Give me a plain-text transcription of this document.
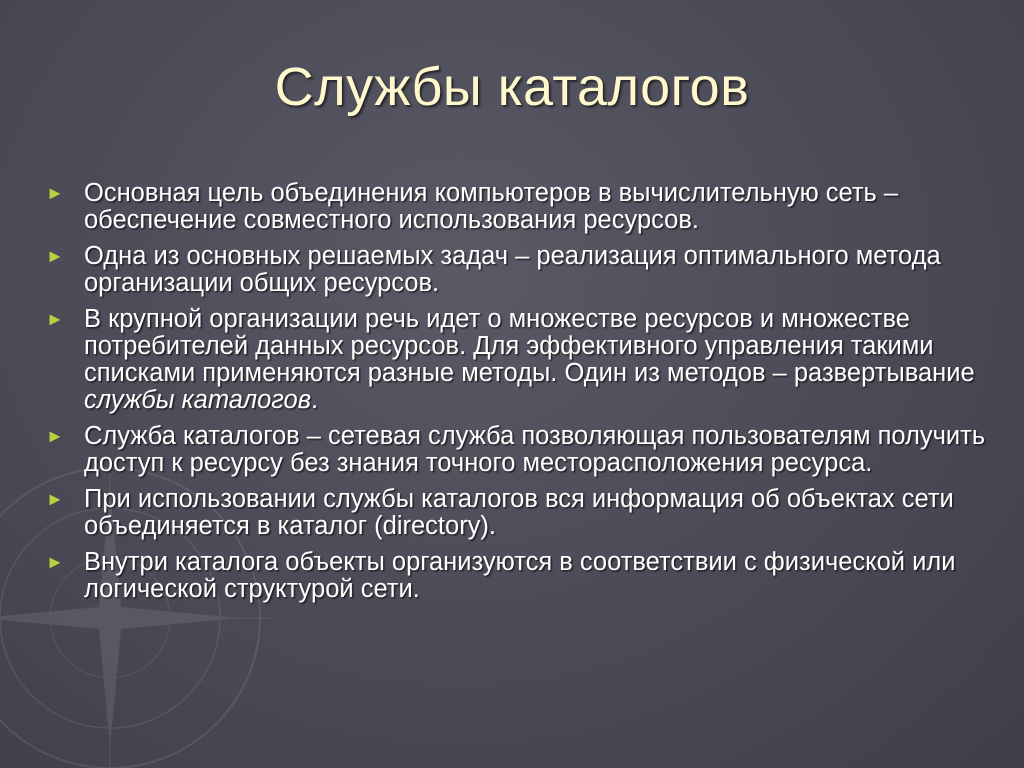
Службы каталогов
► Основная цель объединения компьютеров в вычислительную сеть – обеспечение совместного использования ресурсов.
► Одна из основных решаемых задач – реализация оптимального метода организации общих ресурсов.
► В крупной организации речь идет о множестве ресурсов и множестве потребителей данных ресурсов. Для эффективного управления такими списками применяются разные методы. Один из методов – развертывание службы каталогов.
► Служба каталогов – сетевая служба позволяющая пользователям получить доступ к ресурсу без знания точного месторасположения ресурса.
► При использовании службы каталогов вся информация об объектах сети объединяется в каталог (directory).
► Внутри каталога объекты организуются в соответствии с физической или логической структурой сети.
